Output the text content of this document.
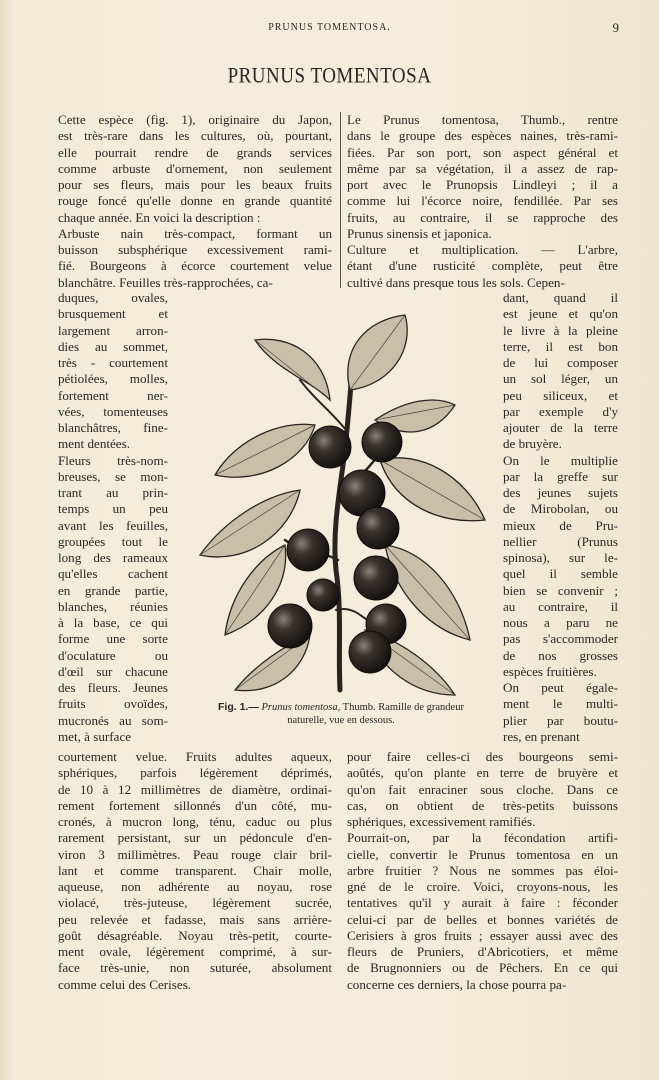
PRUNUS TOMENTOSA.	9
PRUNUS TOMENTOSA
Cette espèce (fig. 1), originaire du Japon,
est très-rare dans les cultures, où, pourtant,
elle pourrait rendre de grands services
comme arbuste d'ornement, non seulement
pour ses fleurs, mais pour les beaux fruits
rouge foncé qu'elle donne en grande quantité
chaque année. En voici la description :
Arbuste nain très-compact, formant un
buisson subsphérique excessivement rami-
fié. Bourgeons à écorce courtement velue
blanchâtre. Feuilles très-rapprochées, ca-
duques, ovales,
brusquement et
largement arron-
dies au sommet,
très - courtement
pétiolées, molles,
fortement ner-
vées, tomenteuses
blanchâtres, fine-
ment dentées.
Fleurs très-nom-
breuses, se mon-
trant au prin-
temps un peu
avant les feuilles,
groupées tout le
long des rameaux
qu'elles cachent
en grande partie,
blanches, réunies
à la base, ce qui
forme une sorte
d'oculature ou
d'œil sur chacune
des fleurs. Jeunes
fruits ovoïdes,
mucronés au som-
met, à surface
courtement velue. Fruits adultes aqueux,
sphériques, parfois légèrement déprimés,
de 10 à 12 millimètres de diamètre, ordinai-
rement fortement sillonnés d'un côté, mu-
cronés, à mucron long, ténu, caduc ou plus
rarement persistant, sur un pédoncule d'en-
viron 3 millimètres. Peau rouge clair bril-
lant et comme transparent. Chair molle,
aqueuse, non adhérente au noyau, rose
violacé, très-juteuse, légèrement sucrée,
peu relevée et fadasse, mais sans arrière-
goût désagréable. Noyau très-petit, courte-
ment ovale, légèrement comprimé, à sur-
face très-unie, non suturée, absolument
comme celui des Cerises.
Le Prunus tomentosa, Thumb., rentre
dans le groupe des espèces naines, très-rami-
fiées. Par son port, son aspect général et
même par sa végétation, il a assez de rap-
port avec le Prunopsis Lindleyi ; il a
comme lui l'écorce noire, fendillée. Par ses
fruits, au contraire, il se rapproche des
Prunus sinensis et japonica.
Culture et multiplication. — L'arbre,
étant d'une rusticité complète, peut être
cultivé dans presque tous les sols. Cepen-
dant, quand il
est jeune et qu'on
le livre à la pleine
terre, il est bon
de lui composer
un sol léger, un
peu siliceux, et
par exemple d'y
ajouter de la terre
de bruyère.
On le multiplie
par la greffe sur
des jeunes sujets
de Mirobolan, ou
mieux de Pru-
nellier (Prunus
spinosa), sur le-
quel il semble
bien se convenir ;
au contraire, il
nous a paru ne
pas s'accommoder
de nos grosses
espèces fruitières.
On peut égale-
ment le multi-
plier par boutu-
res, en prenant
pour faire celles-ci des bourgeons semi-
aoûtés, qu'on plante en terre de bruyère et
qu'on fait enraciner sous cloche. Dans ce
cas, on obtient de très-petits buissons
sphériques, excessivement ramifiés.
Pourrait-on, par la fécondation artifi-
cielle, convertir le Prunus tomentosa en un
arbre fruitier ? Nous ne sommes pas éloi-
gné de le croire. Voici, croyons-nous, les
tentatives qu'il y aurait à faire : féconder
celui-ci par de belles et bonnes variétés de
Cerisiers à gros fruits ; essayer aussi avec des
fleurs de Pruniers, d'Abricotiers, et même
de Brugnonniers ou de Pêchers. En ce qui
concerne ces derniers, la chose pourra pa-
Fig. 1.— Prunus tomentosa, Thumb. Ramille de grandeur
naturelle, vue en dessous.
